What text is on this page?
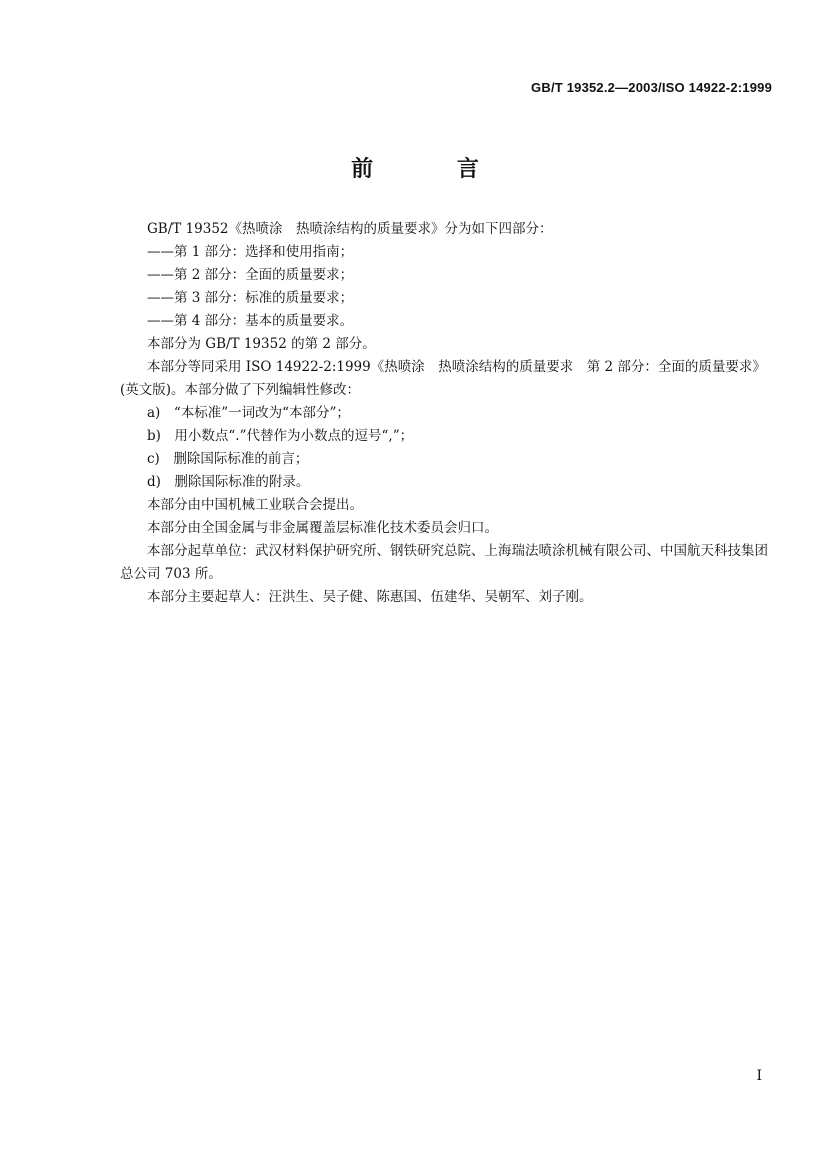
GB/T 19352.2—2003/ISO 14922-2:1999
前 言

GB/T 19352《热喷涂　热喷涂结构的质量要求》分为如下四部分：

——第 1 部分：选择和使用指南；

——第 2 部分：全面的质量要求；

——第 3 部分：标准的质量要求；

——第 4 部分：基本的质量要求。

本部分为 GB/T 19352 的第 2 部分。

本部分等同采用 ISO 14922-2:1999《热喷涂　热喷涂结构的质量要求　第 2 部分：全面的质量要求》(英文版)。本部分做了下列编辑性修改：

a)　“本标准”一词改为“本部分”；

b)　用小数点“.”代替作为小数点的逗号“,”；

c)　删除国际标准的前言；

d)　删除国际标准的附录。

本部分由中国机械工业联合会提出。

本部分由全国金属与非金属覆盖层标准化技术委员会归口。

本部分起草单位：武汉材料保护研究所、钢铁研究总院、上海瑞法喷涂机械有限公司、中国航天科技集团总公司 703 所。

本部分主要起草人：汪洪生、吴子健、陈惠国、伍建华、吴朝军、刘子刚。

I
